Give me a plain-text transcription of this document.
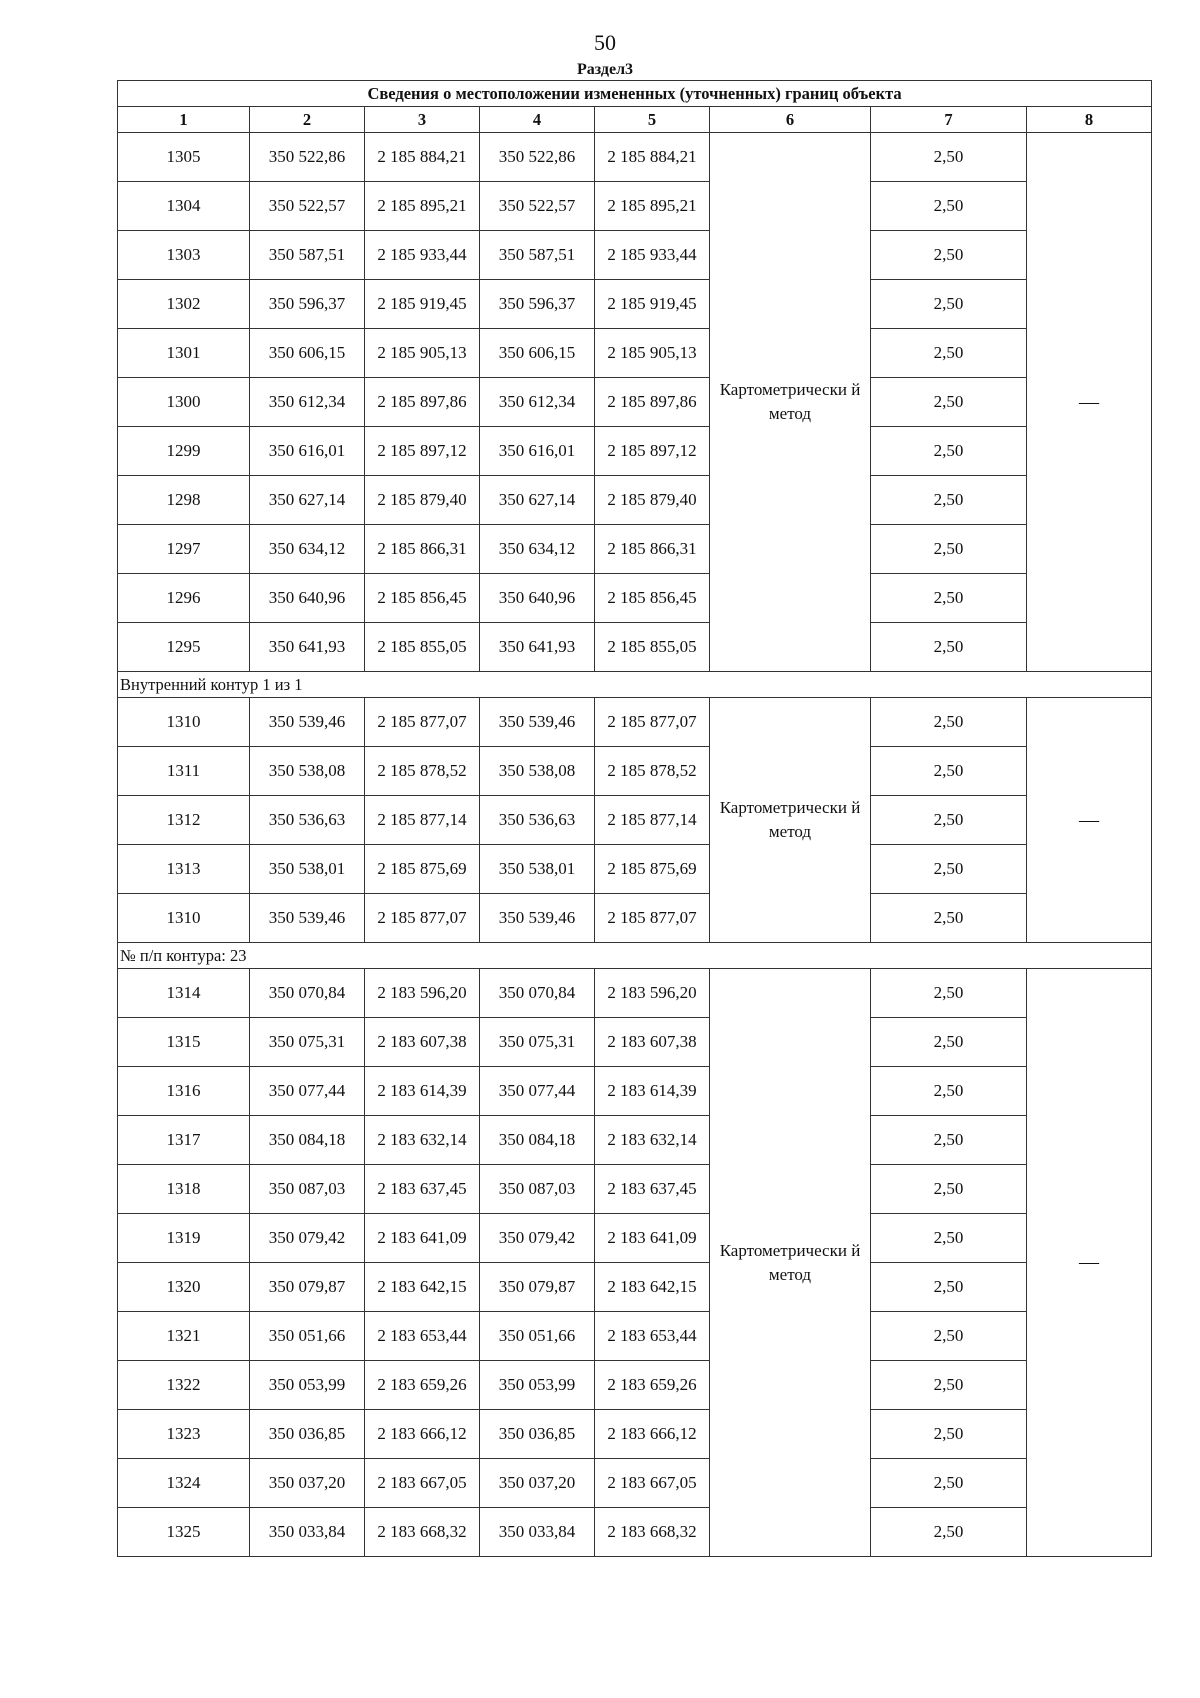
50
Раздел3
Сведения о местоположении измененных (уточненных) границ объекта							
1	2	3	4	5	6	7	8
1305	350 522,86	2 185 884,21	350 522,86	2 185 884,21	Картометрически й метод	2,50	—
1304	350 522,57	2 185 895,21	350 522,57	2 185 895,21		2,50	
1303	350 587,51	2 185 933,44	350 587,51	2 185 933,44		2,50	
1302	350 596,37	2 185 919,45	350 596,37	2 185 919,45		2,50	
1301	350 606,15	2 185 905,13	350 606,15	2 185 905,13		2,50	
1300	350 612,34	2 185 897,86	350 612,34	2 185 897,86		2,50	
1299	350 616,01	2 185 897,12	350 616,01	2 185 897,12		2,50	
1298	350 627,14	2 185 879,40	350 627,14	2 185 879,40		2,50	
1297	350 634,12	2 185 866,31	350 634,12	2 185 866,31		2,50	
1296	350 640,96	2 185 856,45	350 640,96	2 185 856,45		2,50	
1295	350 641,93	2 185 855,05	350 641,93	2 185 855,05		2,50	
Внутренний контур 1 из 1							
1310	350 539,46	2 185 877,07	350 539,46	2 185 877,07	Картометрически й метод	2,50	—
1311	350 538,08	2 185 878,52	350 538,08	2 185 878,52		2,50	
1312	350 536,63	2 185 877,14	350 536,63	2 185 877,14		2,50	
1313	350 538,01	2 185 875,69	350 538,01	2 185 875,69		2,50	
1310	350 539,46	2 185 877,07	350 539,46	2 185 877,07		2,50	
№ п/п контура: 23							
1314	350 070,84	2 183 596,20	350 070,84	2 183 596,20	Картометрически й метод	2,50	—
1315	350 075,31	2 183 607,38	350 075,31	2 183 607,38		2,50	
1316	350 077,44	2 183 614,39	350 077,44	2 183 614,39		2,50	
1317	350 084,18	2 183 632,14	350 084,18	2 183 632,14		2,50	
1318	350 087,03	2 183 637,45	350 087,03	2 183 637,45		2,50	
1319	350 079,42	2 183 641,09	350 079,42	2 183 641,09		2,50	
1320	350 079,87	2 183 642,15	350 079,87	2 183 642,15		2,50	
1321	350 051,66	2 183 653,44	350 051,66	2 183 653,44		2,50	
1322	350 053,99	2 183 659,26	350 053,99	2 183 659,26		2,50	
1323	350 036,85	2 183 666,12	350 036,85	2 183 666,12		2,50	
1324	350 037,20	2 183 667,05	350 037,20	2 183 667,05		2,50	
1325	350 033,84	2 183 668,32	350 033,84	2 183 668,32		2,50	
